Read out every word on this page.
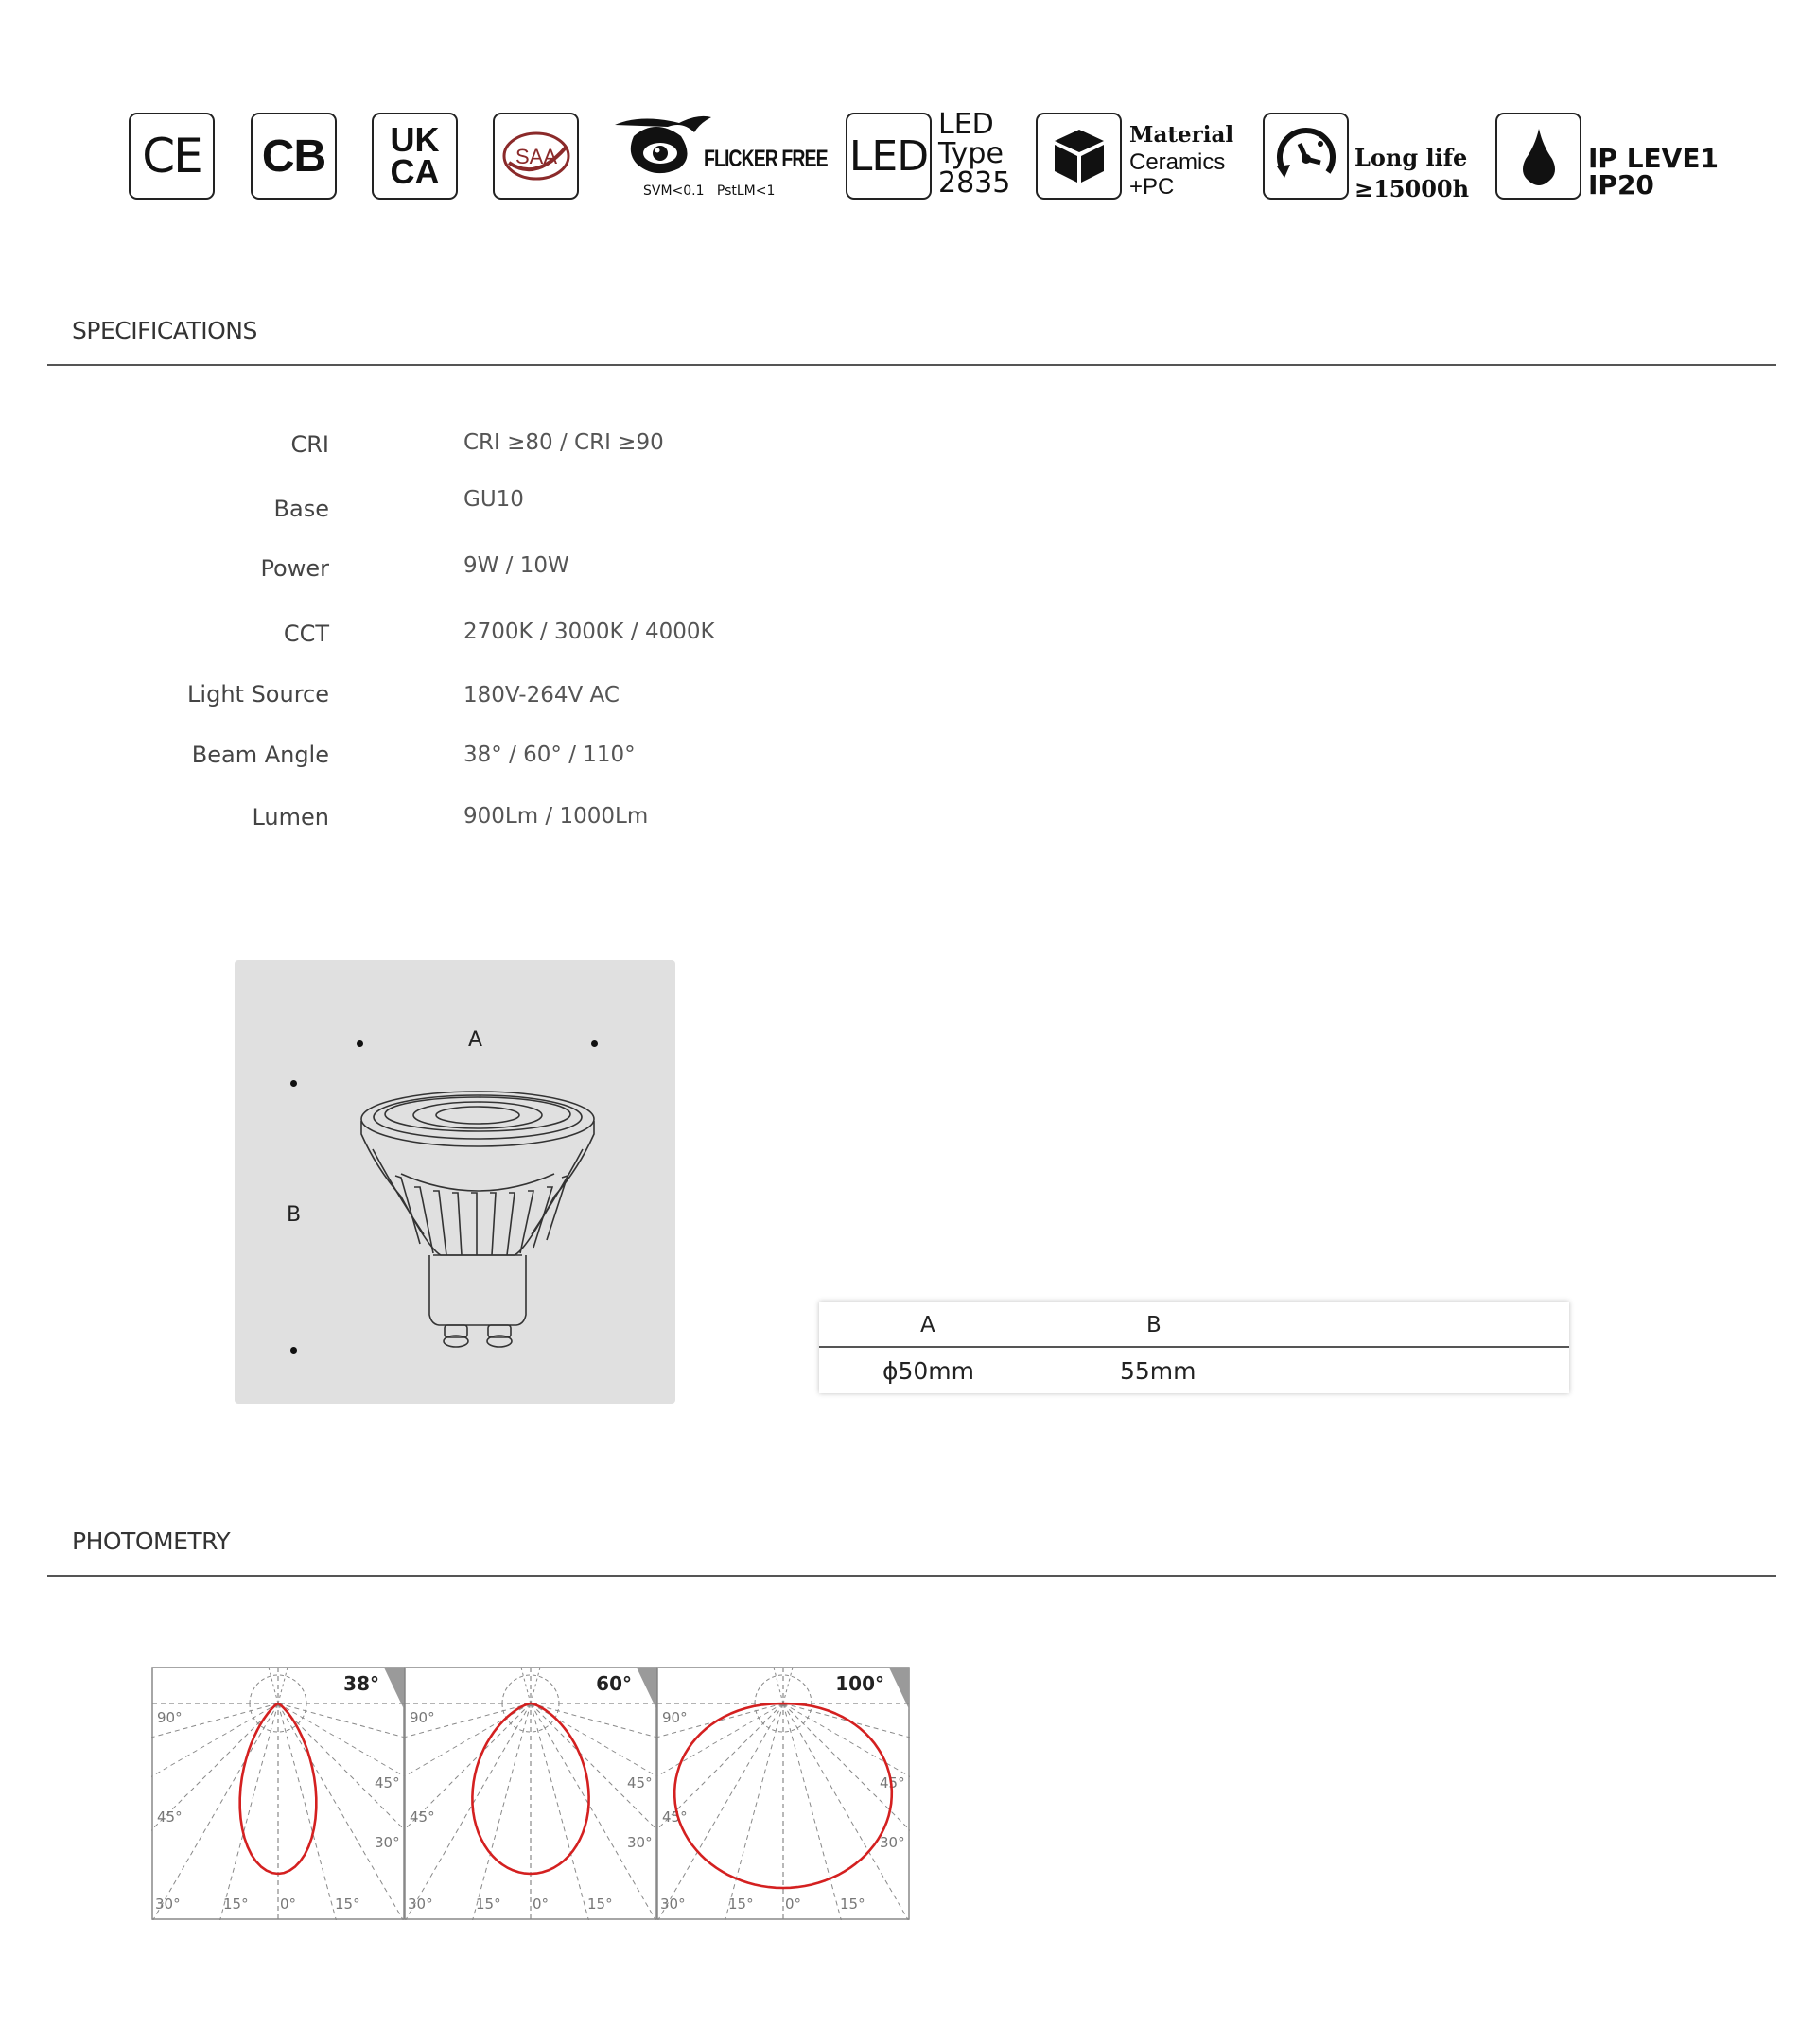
CE CB UK
CA	SAA	FLICKER FREE
SVM<0.1   PstLM<1
LED
LED
Type
2835
Material
Ceramics
+PC
Long life
≥15000h
IP LEVE1
IP20
SPECIFICATIONS
CRI	CRI ≥80 / CRI ≥90
Base	GU10
Power	9W / 10W
CCT	2700K / 3000K / 4000K
Light Source	180V-264V AC
Beam Angle	38° / 60° / 110°
Lumen	900Lm / 1000Lm
A
B
A	B
ϕ50mm	55mm
PHOTOMETRY
90°
45°
45°
30°
30°	15° 0°	15°
38°
90°
45°
45°
30°
30°	15° 0°	15°
60°
90°
45°
45°
30°
30°	15° 0°	15°
100°
